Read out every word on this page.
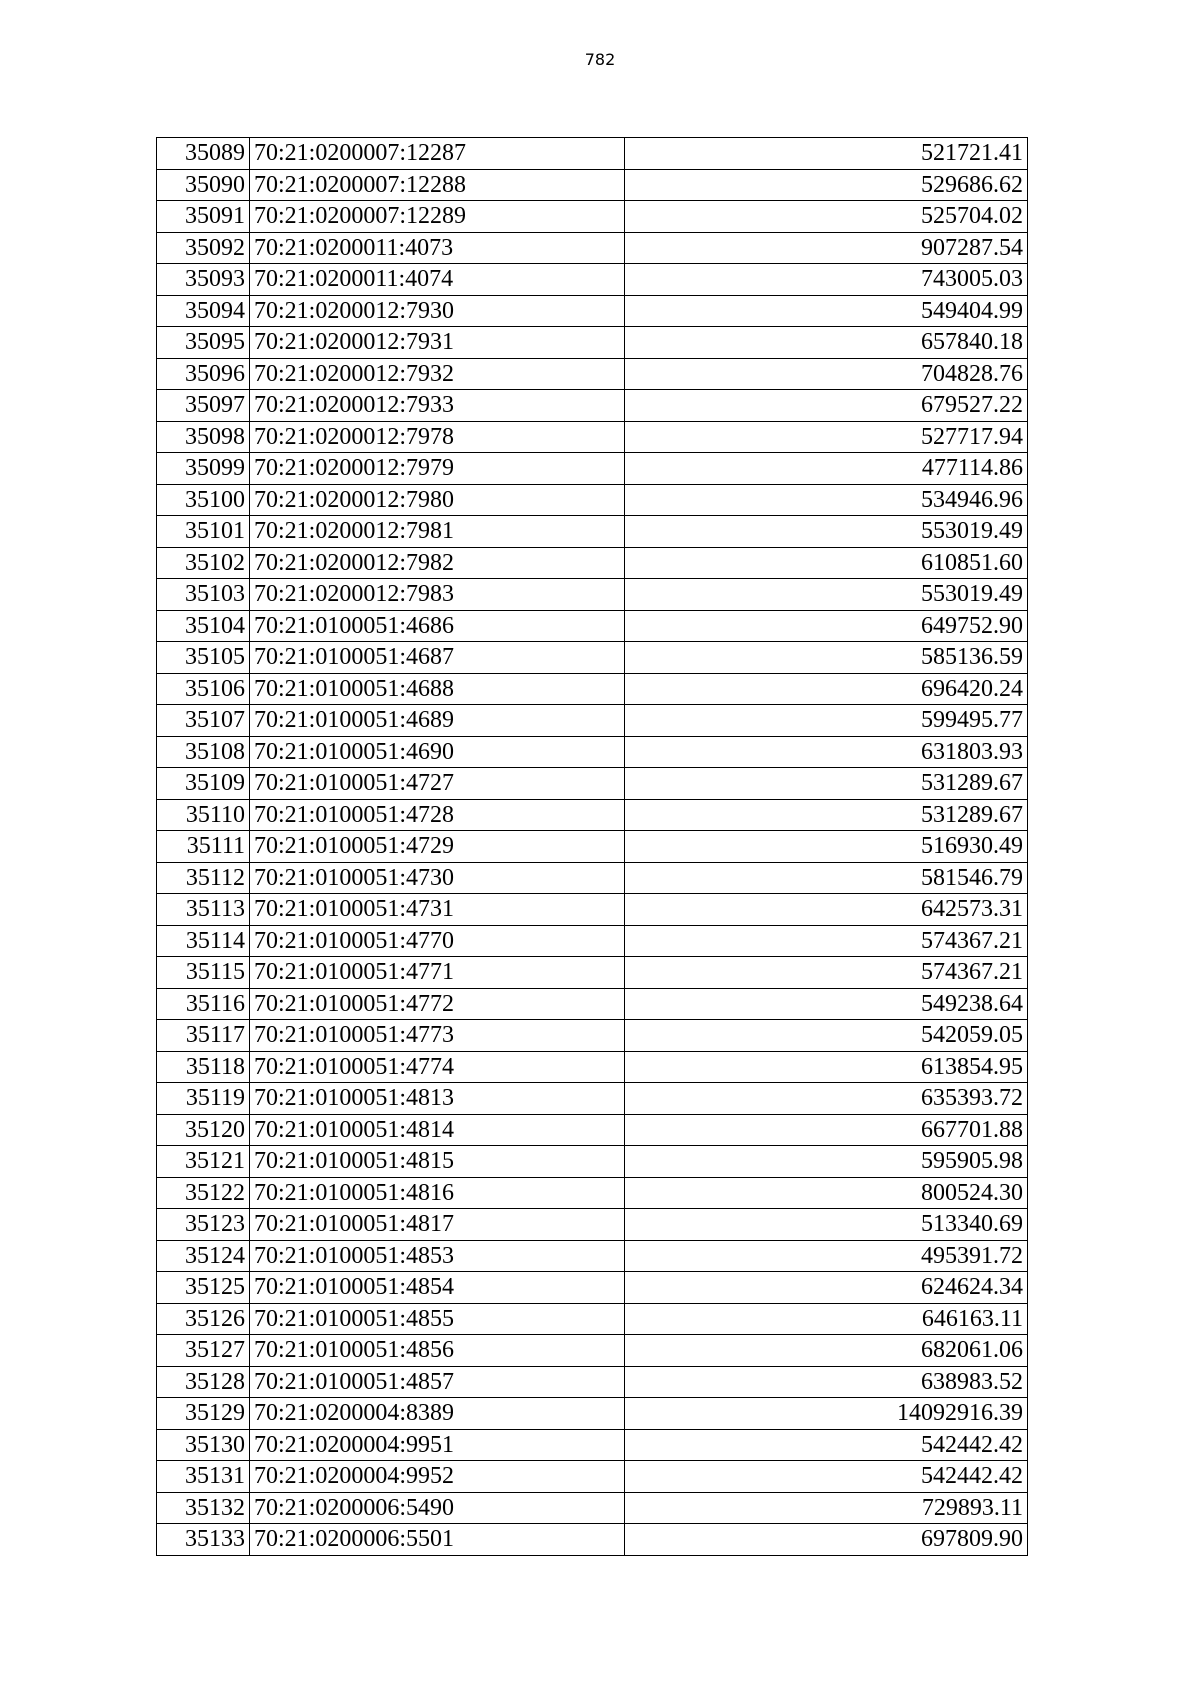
782
35089	70:21:0200007:12287	521721.41
35090	70:21:0200007:12288	529686.62
35091	70:21:0200007:12289	525704.02
35092	70:21:0200011:4073	907287.54
35093	70:21:0200011:4074	743005.03
35094	70:21:0200012:7930	549404.99
35095	70:21:0200012:7931	657840.18
35096	70:21:0200012:7932	704828.76
35097	70:21:0200012:7933	679527.22
35098	70:21:0200012:7978	527717.94
35099	70:21:0200012:7979	477114.86
35100	70:21:0200012:7980	534946.96
35101	70:21:0200012:7981	553019.49
35102	70:21:0200012:7982	610851.60
35103	70:21:0200012:7983	553019.49
35104	70:21:0100051:4686	649752.90
35105	70:21:0100051:4687	585136.59
35106	70:21:0100051:4688	696420.24
35107	70:21:0100051:4689	599495.77
35108	70:21:0100051:4690	631803.93
35109	70:21:0100051:4727	531289.67
35110	70:21:0100051:4728	531289.67
35111	70:21:0100051:4729	516930.49
35112	70:21:0100051:4730	581546.79
35113	70:21:0100051:4731	642573.31
35114	70:21:0100051:4770	574367.21
35115	70:21:0100051:4771	574367.21
35116	70:21:0100051:4772	549238.64
35117	70:21:0100051:4773	542059.05
35118	70:21:0100051:4774	613854.95
35119	70:21:0100051:4813	635393.72
35120	70:21:0100051:4814	667701.88
35121	70:21:0100051:4815	595905.98
35122	70:21:0100051:4816	800524.30
35123	70:21:0100051:4817	513340.69
35124	70:21:0100051:4853	495391.72
35125	70:21:0100051:4854	624624.34
35126	70:21:0100051:4855	646163.11
35127	70:21:0100051:4856	682061.06
35128	70:21:0100051:4857	638983.52
35129	70:21:0200004:8389	14092916.39
35130	70:21:0200004:9951	542442.42
35131	70:21:0200004:9952	542442.42
35132	70:21:0200006:5490	729893.11
35133	70:21:0200006:5501	697809.90
